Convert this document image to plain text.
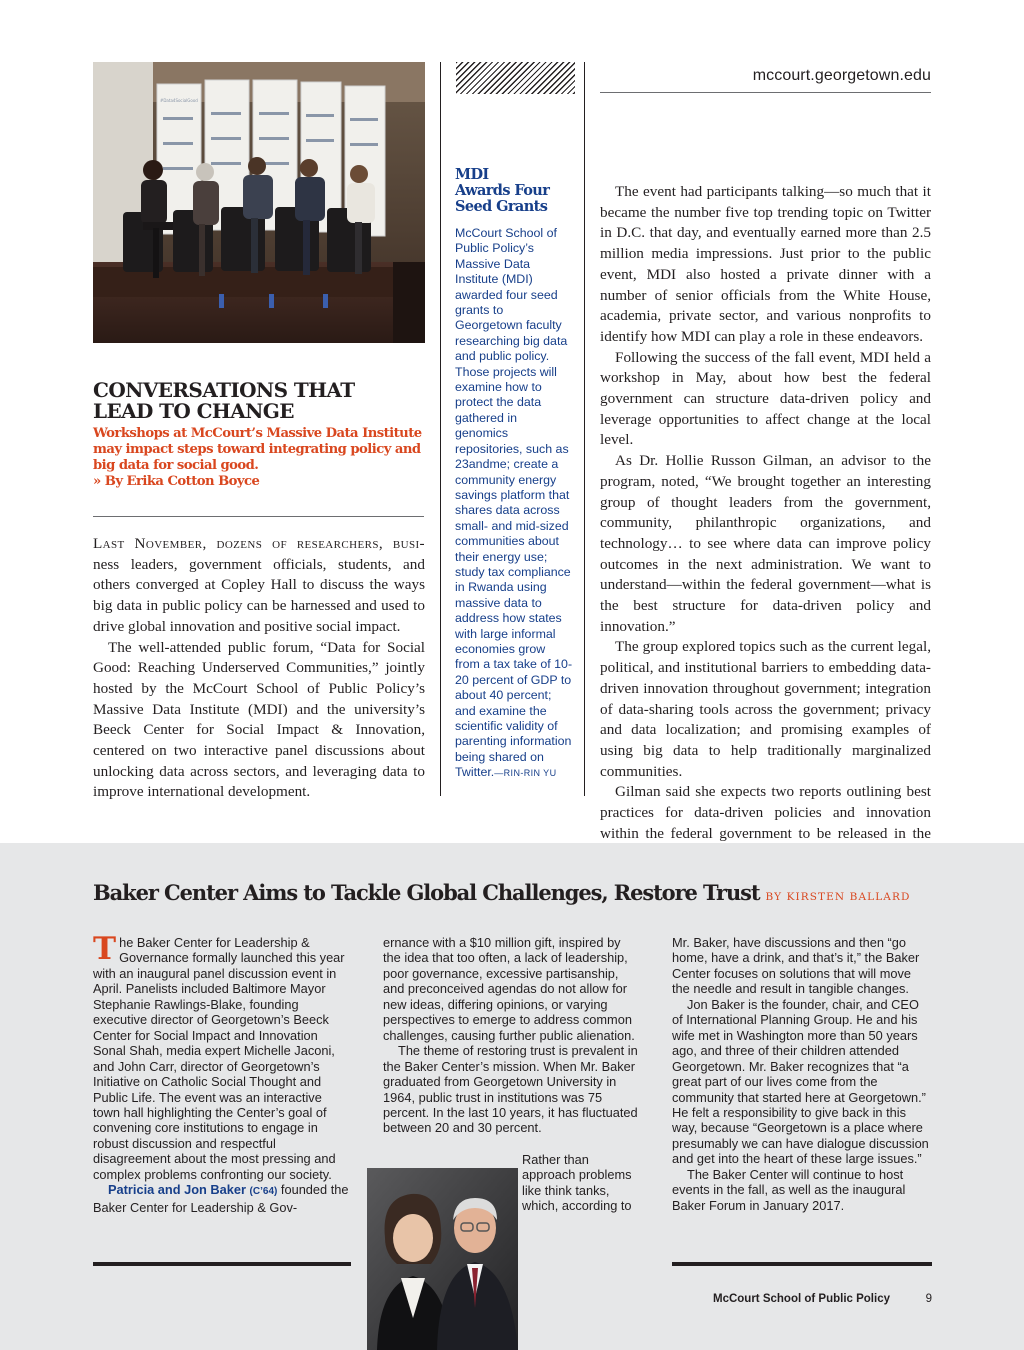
#Data4SocialGood
mccourt.georgetown.edu
CONVERSATIONS THAT
LEAD TO CHANGE
Workshops at McCourt’s Massive Data Institute may impact steps toward integrating policy and big data for social good. » By Erika Cotton Boyce

Last November, dozens of researchers, busi- ness leaders, government officials, students, and others converged at Copley Hall to discuss the ways big data in public policy can be harnessed and used to drive global innovation and positive social impact.

The well-attended public forum, “Data for Social Good: Reaching Underserved Communities,” jointly hosted by the McCourt School of Public Policy’s Massive Data Institute (MDI) and the university’s Beeck Center for Social Impact & Innovation, centered on two interactive panel discussions about unlocking data across sectors, and leveraging data to improve international development.

MDI
Awards Four
Seed Grants
McCourt School of Public Policy’s Massive Data Institute (MDI) awarded four seed grants to Georgetown faculty researching big data and public policy. Those projects will examine how to protect the data gathered in genomics repositories, such as 23andme; create a community energy savings platform that shares data across small- and mid-sized communities about their energy use; study tax compliance in Rwanda using massive data to address how states with large informal economies grow from a tax take of 10-20 percent of GDP to about 40 percent; and examine the scientific validity of parenting information being shared on Twitter.—RIN-RIN YU

The event had participants talking—so much that it became the number five top trending topic on Twitter in D.C. that day, and eventually earned more than 2.5 million media impressions. Just prior to the public event, MDI also hosted a private dinner with a number of senior officials from the White House, academia, private sector, and various nonprofits to identify how MDI can play a role in these endeavors.

Following the success of the fall event, MDI held a workshop in May, about how best the federal government can structure data-driven policy and leverage opportunities to affect change at the local level.

As Dr. Hollie Russon Gilman, an advisor to the program, noted, “We brought together an interesting group of thought leaders from the government, community, philanthropic organizations, and technology… to see where data can improve policy outcomes in the next administration. We want to understand—within the federal government—what is the best structure for data-driven policy and innovation.”

The group explored topics such as the current legal, political, and institutional barriers to embedding data-driven innovation throughout government; integration of data-sharing tools across the government; privacy and data localization; and promising examples of using big data to help traditionally marginalized communities.

Gilman said she expects two reports outlining best practices for data-driven policies and innovation within the federal government to be released in the

Baker Center Aims to Tackle Global Challenges, Restore Trust BY KIRSTEN BALLARD

The Baker Center for Leadership & Governance formally launched this year with an inaugural panel discussion event in April. Panelists included Baltimore Mayor Stephanie Rawlings-Blake, founding executive director of Georgetown’s Beeck Center for Social Impact and Innovation Sonal Shah, media expert Michelle Jaconi, and John Carr, director of Georgetown’s Initiative on Catholic Social Thought and Public Life. The event was an interactive town hall highlighting the Center’s goal of convening core institutions to engage in robust discussion and respectful disagreement about the most pressing and complex problems confronting our society.

Patricia and Jon Baker (C’64) founded the Baker Center for Leadership & Gov-

ernance with a $10 million gift, inspired by the idea that too often, a lack of leadership, poor governance, excessive partisanship, and preconceived agendas do not allow for new ideas, differing opinions, or varying perspectives to emerge to address common challenges, causing further public alienation.

The theme of restoring trust is prevalent in the Baker Center’s mission. When Mr. Baker graduated from Georgetown University in 1964, public trust in institutions was 75 percent. In the last 10 years, it has fluctuated between 20 and 30 percent.

Rather than approach problems like think tanks, which, according to

Mr. Baker, have discussions and then “go home, have a drink, and that’s it,” the Baker Center focuses on solutions that will move the needle and result in tangible changes.

Jon Baker is the founder, chair, and CEO of International Planning Group. He and his wife met in Washington more than 50 years ago, and three of their children attended Georgetown. Mr. Baker recognizes that “a great part of our lives come from the community that started here at Georgetown.” He felt a responsibility to give back in this way, because “Georgetown is a place where presumably we can have dialogue discussion and get into the heart of these large issues.”

The Baker Center will continue to host events in the fall, as well as the inaugural Baker Forum in January 2017.

McCourt School of Public Policy	9
